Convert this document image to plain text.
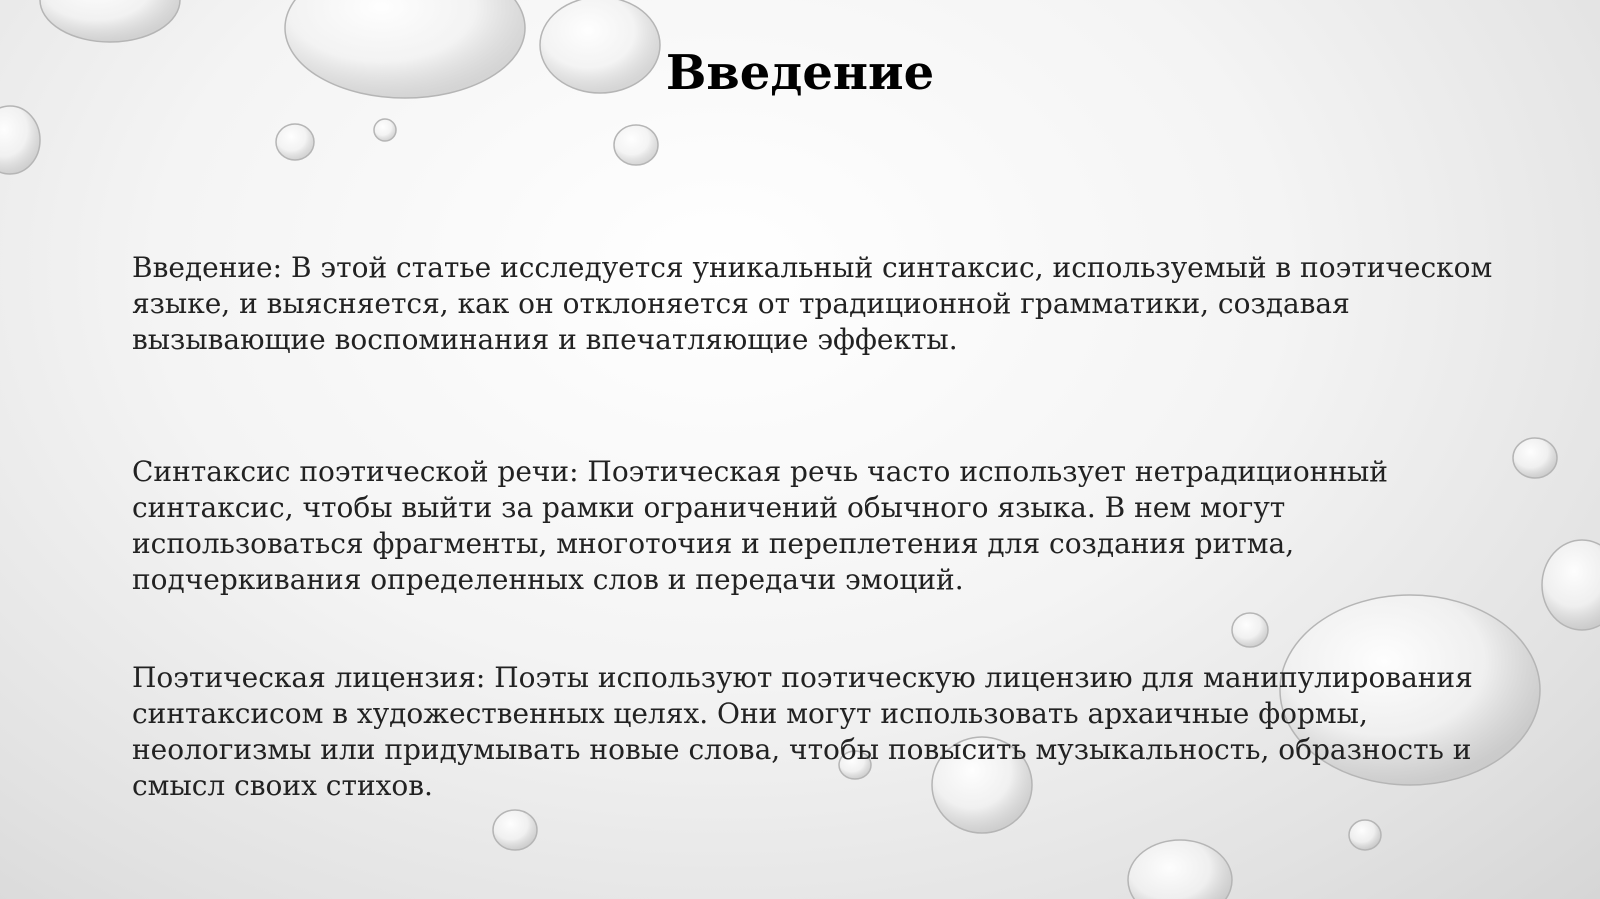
Введение

Введение: В этой статье исследуется уникальный синтаксис, используемый в поэтическом языке, и выясняется, как он отклоняется от традиционной грамматики, создавая вызывающие воспоминания и впечатляющие эффекты.

Синтаксис поэтической речи: Поэтическая речь часто использует нетрадиционный синтаксис, чтобы выйти за рамки ограничений обычного языка. В нем могут использоваться фрагменты, многоточия и переплетения для создания ритма, подчеркивания определенных слов и передачи эмоций.

Поэтическая лицензия: Поэты используют поэтическую лицензию для манипулирования синтаксисом в художественных целях. Они могут использовать архаичные формы, неологизмы или придумывать новые слова, чтобы повысить музыкальность, образность и смысл своих стихов.
